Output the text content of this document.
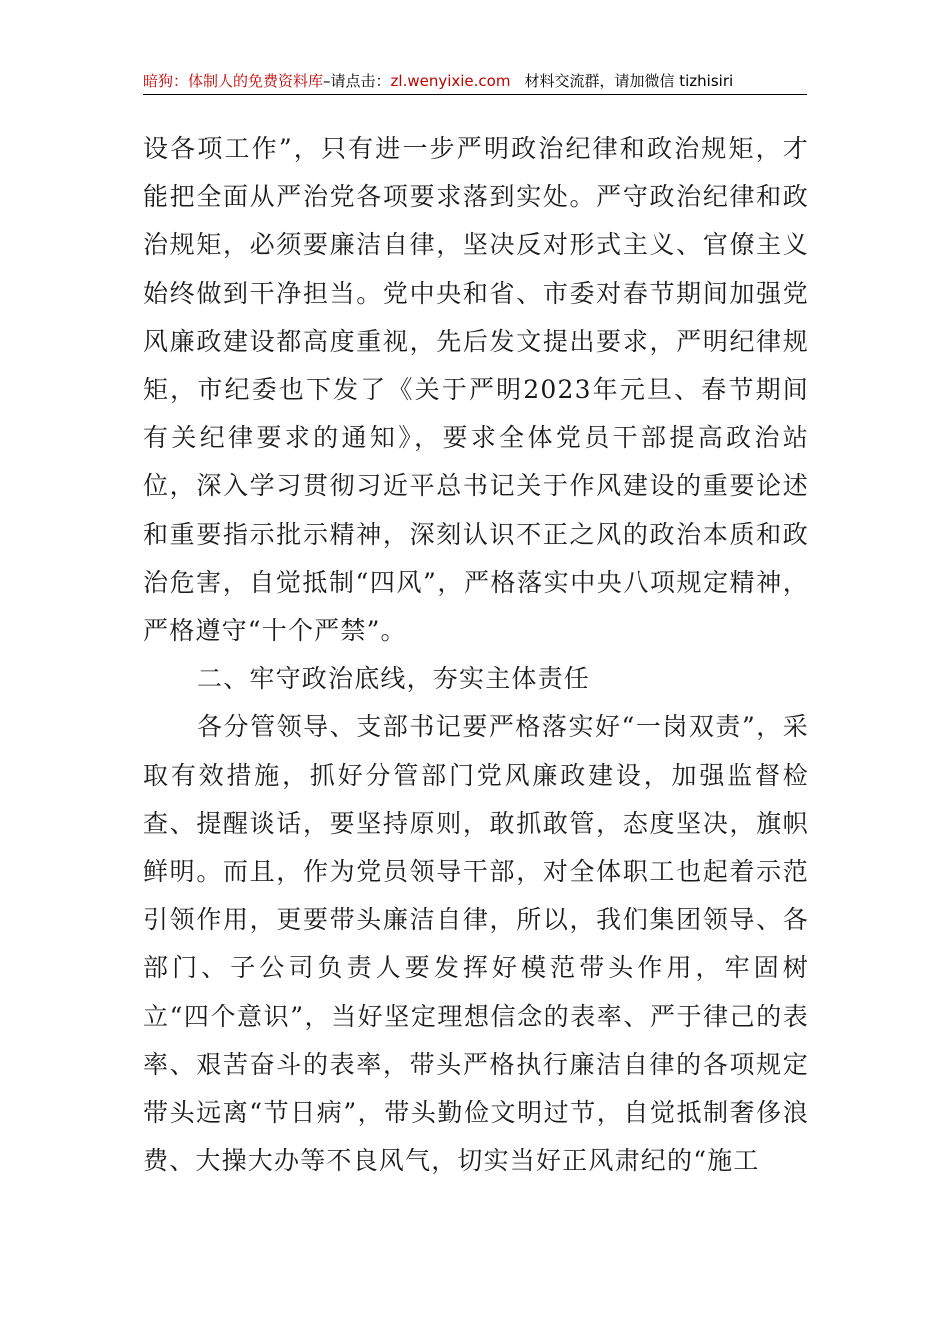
暗狗：体制人的免费资料库–请点击：zl.wenyixie.com 材料交流群，请加微信 tizhisiri

设各项工作”，只有进一步严明政治纪律和政治规矩，才能把全面从严治党各项要求落到实处。严守政治纪律和政治规矩，必须要廉洁自律，坚决反对形式主义、官僚主义始终做到干净担当。党中央和省、市委对春节期间加强党风廉政建设都高度重视，先后发文提出要求，严明纪律规矩，市纪委也下发了《关于严明2023年元旦、春节期间有关纪律要求的通知》，要求全体党员干部提高政治站位，深入学习贯彻习近平总书记关于作风建设的重要论述和重要指示批示精神，深刻认识不正之风的政治本质和政治危害，自觉抵制“四风”，严格落实中央八项规定精神，严格遵守“十个严禁”。

二、牢守政治底线，夯实主体责任

各分管领导、支部书记要严格落实好“一岗双责”，采取有效措施，抓好分管部门党风廉政建设，加强监督检查、提醒谈话，要坚持原则，敢抓敢管，态度坚决，旗帜鲜明。而且，作为党员领导干部，对全体职工也起着示范引领作用，更要带头廉洁自律，所以，我们集团领导、各部门、子公司负责人要发挥好模范带头作用，牢固树立“四个意识”，当好坚定理想信念的表率、严于律己的表率、艰苦奋斗的表率，带头严格执行廉洁自律的各项规定带头远离“节日病”，带头勤俭文明过节，自觉抵制奢侈浪费、大操大办等不良风气，切实当好正风肃纪的“施工
